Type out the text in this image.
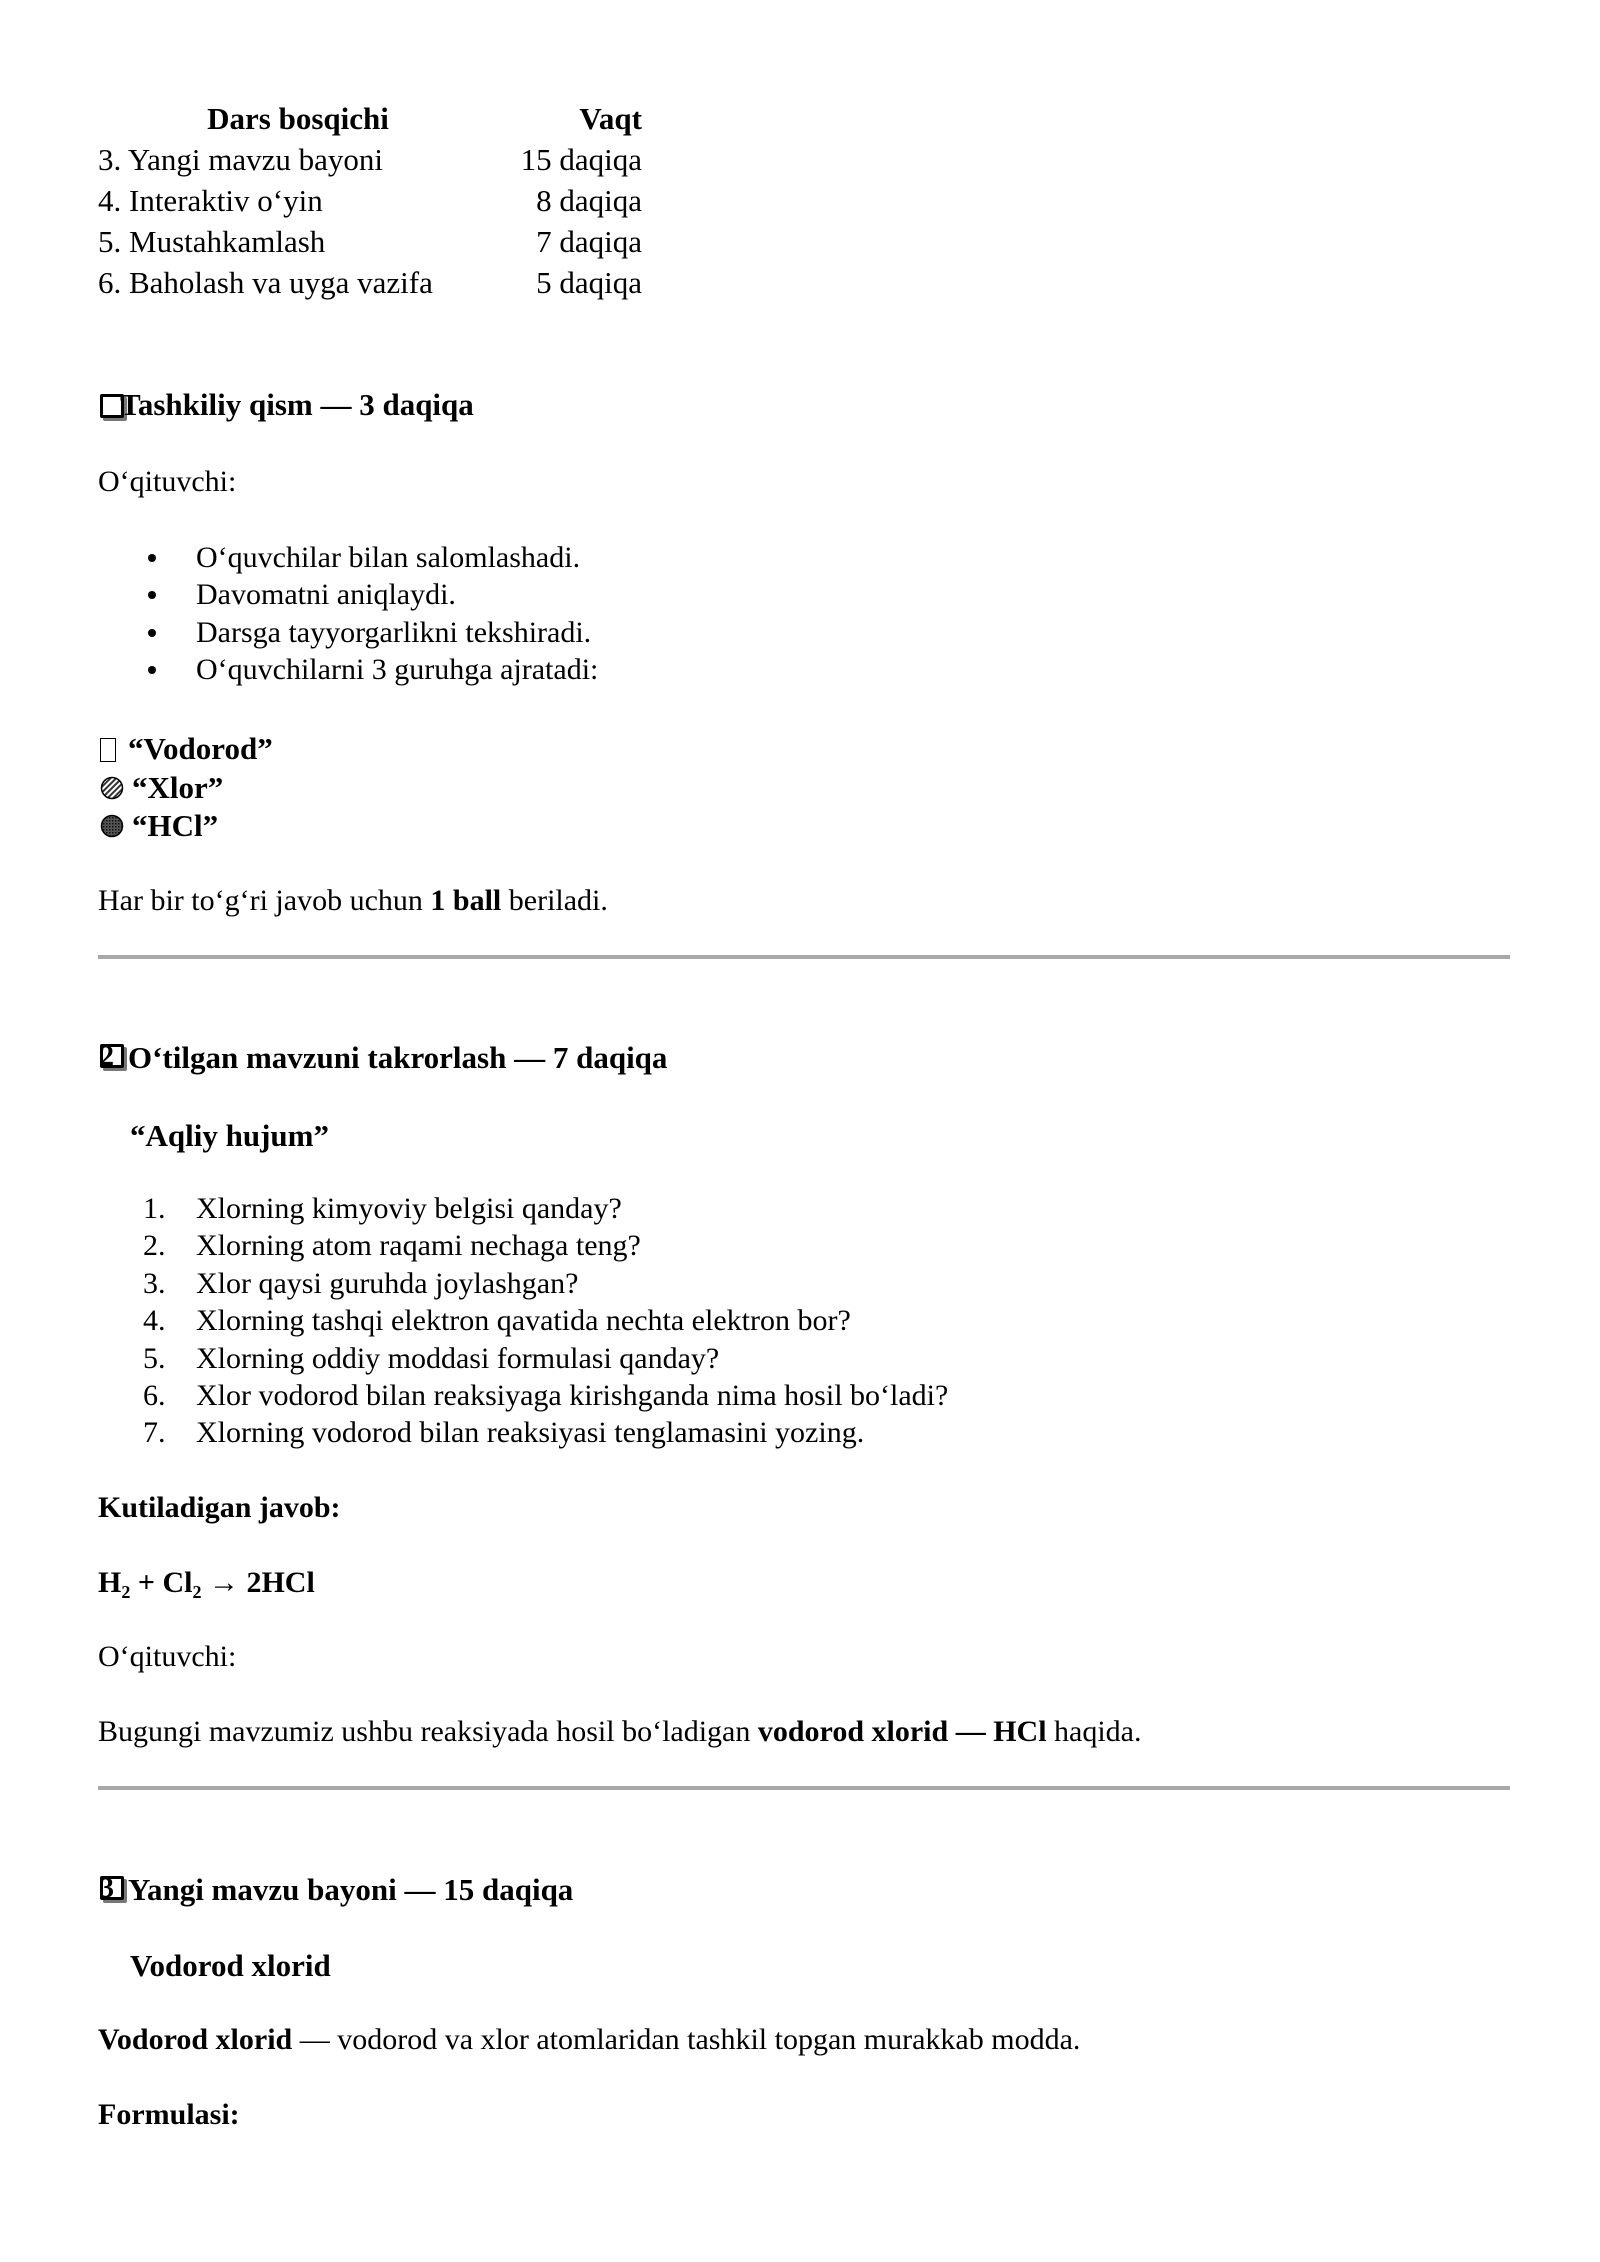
Dars bosqichi	Vaqt
3. Yangi mavzu bayoni	15 daqiqa
4. Interaktiv o‘yin	8 daqiqa
5. Mustahkamlash	7 daqiqa
6. Baholash va uyga vazifa	5 daqiqa
Tashkiliy qism — 3 daqiqa
O‘qituvchi:
O‘quvchilar bilan salomlashadi.
Davomatni aniqlaydi.
Darsga tayyorgarlikni tekshiradi.
O‘quvchilarni 3 guruhga ajratadi:
“Vodorod”
“Xlor”
“HCl”
Har bir to‘g‘ri javob uchun 1 ball beriladi.
2 O‘tilgan mavzuni takrorlash — 7 daqiqa
“Aqliy hujum”
1.	Xlorning kimyoviy belgisi qanday?
2.	Xlorning atom raqami nechaga teng?
3.	Xlor qaysi guruhda joylashgan?
4.	Xlorning tashqi elektron qavatida nechta elektron bor?
5.	Xlorning oddiy moddasi formulasi qanday?
6.	Xlor vodorod bilan reaksiyaga kirishganda nima hosil bo‘ladi?
7.	Xlorning vodorod bilan reaksiyasi tenglamasini yozing.
Kutiladigan javob:
$H_2 + Cl_2 \to 2HCl$
O‘qituvchi:
Bugungi mavzumiz ushbu reaksiyada hosil bo‘ladigan vodorod xlorid — HCl haqida.
3 Yangi mavzu bayoni — 15 daqiqa
Vodorod xlorid
Vodorod xlorid — vodorod va xlor atomlaridan tashkil topgan murakkab modda.
Formulasi:
